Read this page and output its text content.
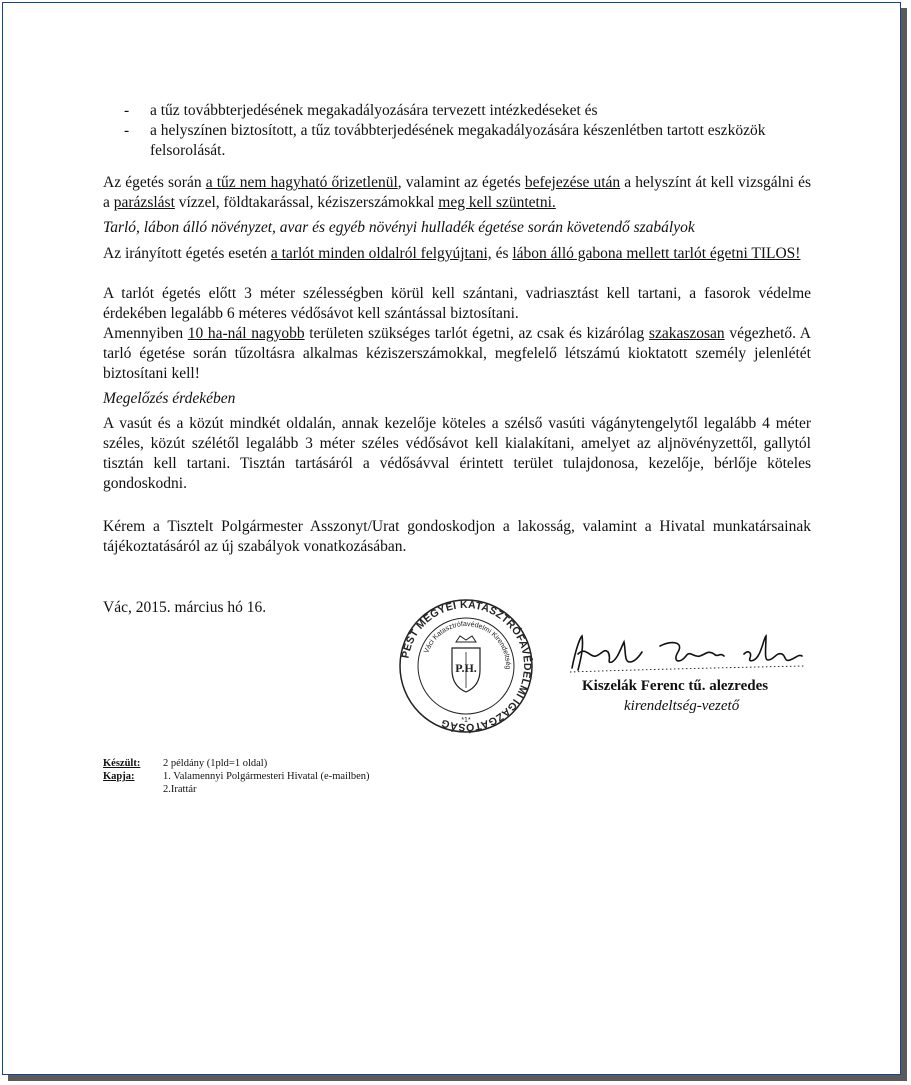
- a tűz továbbterjedésének megakadályozására tervezett intézkedéseket és
- a helyszínen biztosított, a tűz továbbterjedésének megakadályozására készenlétben tartott eszközök felsorolását.

Az égetés során a tűz nem hagyható őrizetlenül, valamint az égetés befejezése után a helyszínt át kell vizsgálni és a parázslást vízzel, földtakarással, kéziszerszámokkal meg kell szüntetni.

Tarló, lábon álló növényzet, avar és egyéb növényi hulladék égetése során követendő szabályok

Az irányított égetés esetén a tarlót minden oldalról felgyújtani, és lábon álló gabona mellett tarlót égetni TILOS!

A tarlót égetés előtt 3 méter szélességben körül kell szántani, vadriasztást kell tartani, a fasorok védelme érdekében legalább 6 méteres védősávot kell szántással biztosítani.

Amennyiben 10 ha-nál nagyobb területen szükséges tarlót égetni, az csak és kizárólag szakaszosan végezhető. A tarló égetése során tűzoltásra alkalmas kéziszerszámokkal, megfelelő létszámú kioktatott személy jelenlétét biztosítani kell!

Megelőzés érdekében
A vasút és a közút mindkét oldalán, annak kezelője köteles a szélső vasúti vágánytengelytől legalább 4 méter széles, közút szélétől legalább 3 méter széles védősávot kell kialakítani, amelyet az aljnövényzettől, gallytól tisztán kell tartani. Tisztán tartásáról a védősávval érintett terület tulajdonosa, kezelője, bérlője köteles gondoskodni.
Kérem a Tisztelt Polgármester Asszonyt/Urat gondoskodjon a lakosság, valamint a Hivatal munkatársainak tájékoztatásáról az új szabályok vonatkozásában.
Vác, 2015. március hó 16.
PEST MEGYEI KATASZTRÓFAVÉDELMI IGAZGATÓSÁG
Váci Katasztrófavédelmi Kirendeltség
P.H.
*1*
Kiszelák Ferenc tű. alezredes
kirendeltség-vezető
Készült:	2 példány (1pld=1 oldal)
Kapja:	1. Valamennyi Polgármesteri Hivatal (e-mailben)
2.Irattár
